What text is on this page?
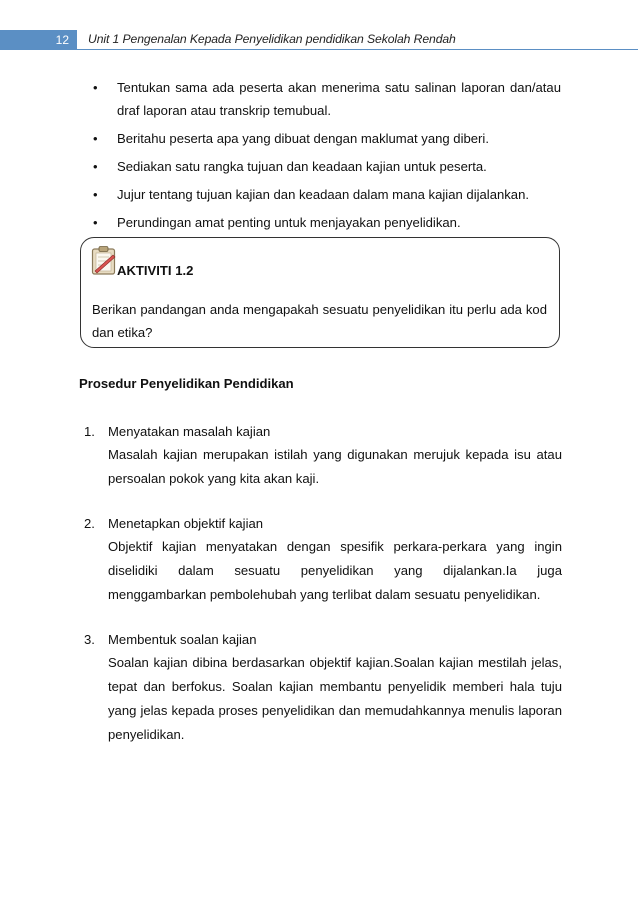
12	Unit 1 Pengenalan Kepada Penyelidikan pendidikan Sekolah Rendah
• Tentukan sama ada peserta akan menerima satu salinan laporan dan/atau draf laporan atau transkrip temubual.
• Beritahu peserta apa yang dibuat dengan maklumat yang diberi.
• Sediakan satu rangka tujuan dan keadaan kajian untuk peserta.
• Jujur tentang tujuan kajian dan keadaan dalam mana kajian dijalankan.
• Perundingan amat penting untuk menjayakan penyelidikan.
AKTIVITI 1.2
Berikan pandangan anda mengapakah sesuatu penyelidikan itu perlu ada kod dan etika?
Prosedur Penyelidikan Pendidikan
1. Menyatakan masalah kajian
Masalah kajian merupakan istilah yang digunakan merujuk kepada isu atau persoalan pokok yang kita akan kaji.
2. Menetapkan objektif kajian
Objektif kajian menyatakan dengan spesifik perkara-perkara yang ingin diselidiki dalam sesuatu penyelidikan yang dijalankan.Ia juga menggambarkan pembolehubah yang terlibat dalam sesuatu penyelidikan.
3. Membentuk soalan kajian
Soalan kajian dibina berdasarkan objektif kajian.Soalan kajian mestilah jelas, tepat dan berfokus. Soalan kajian membantu penyelidik memberi hala tuju yang jelas kepada proses penyelidikan dan memudahkannya menulis laporan penyelidikan.
